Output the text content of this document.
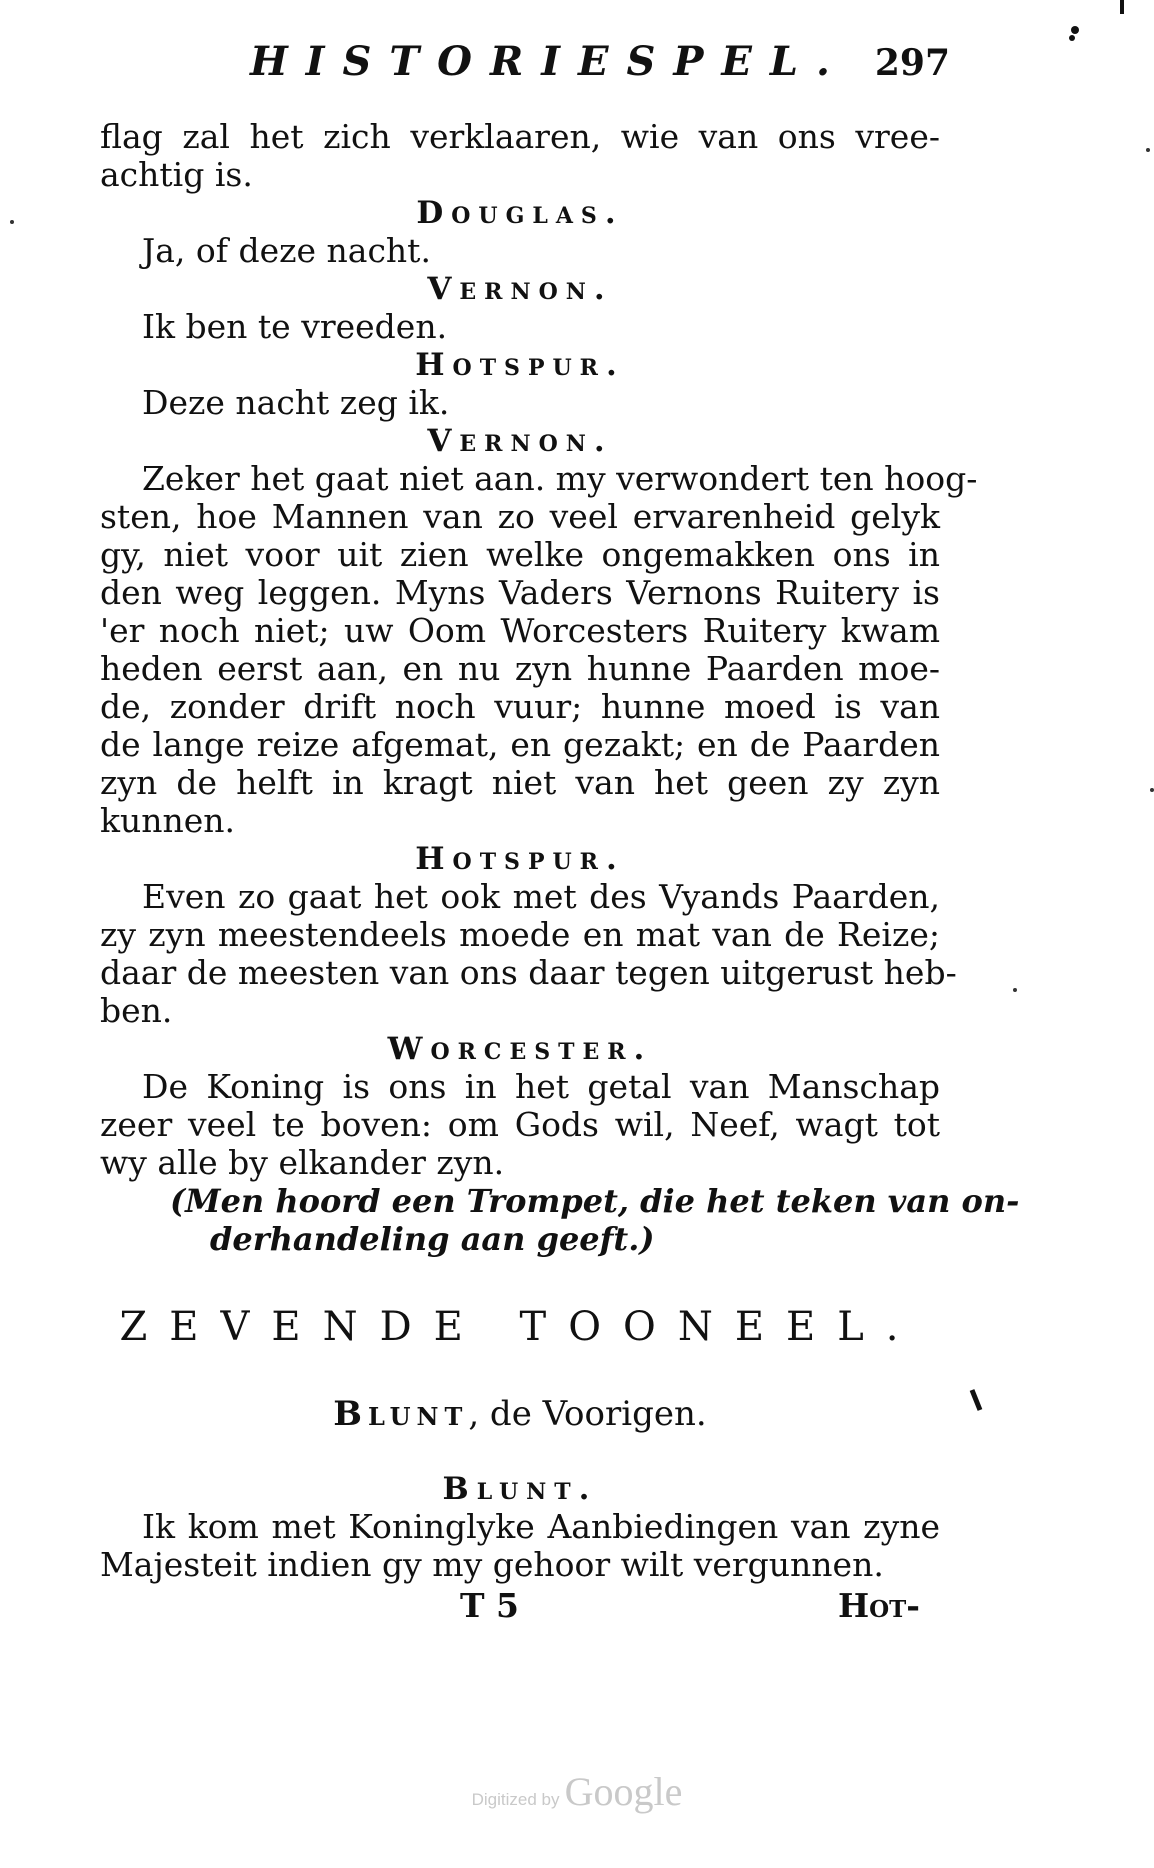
HISTORIESPEL. 297
flag zal het zich verklaaren, wie van ons vree-
achtig is.
Douglas.
Ja, of deze nacht.
Vernon.
Ik ben te vreeden.
Hotspur.
Deze nacht zeg ik.
Vernon.
Zeker het gaat niet aan. my verwondert ten hoog-
sten, hoe Mannen van zo veel ervarenheid gelyk
gy, niet voor uit zien welke ongemakken ons in
den weg leggen. Myns Vaders Vernons Ruitery is
'er noch niet; uw Oom Worcesters Ruitery kwam
heden eerst aan, en nu zyn hunne Paarden moe-
de, zonder drift noch vuur; hunne moed is van
de lange reize afgemat, en gezakt; en de Paarden
zyn de helft in kragt niet van het geen zy zyn
kunnen.
Hotspur.
Even zo gaat het ook met des Vyands Paarden,
zy zyn meestendeels moede en mat van de Reize;
daar de meesten van ons daar tegen uitgerust heb-
ben.
Worcester.
De Koning is ons in het getal van Manschap
zeer veel te boven: om Gods wil, Neef, wagt tot
wy alle by elkander zyn.
(Men hoord een Trompet, die het teken van on-
derhandeling aan geeft.)
ZEVENDE TOONEEL.
Blunt, de Voorigen.
Blunt.
Ik kom met Koninglyke Aanbiedingen van zyne
Majesteit indien gy my gehoor wilt vergunnen.
T 5	Hot-
Digitized by Google
